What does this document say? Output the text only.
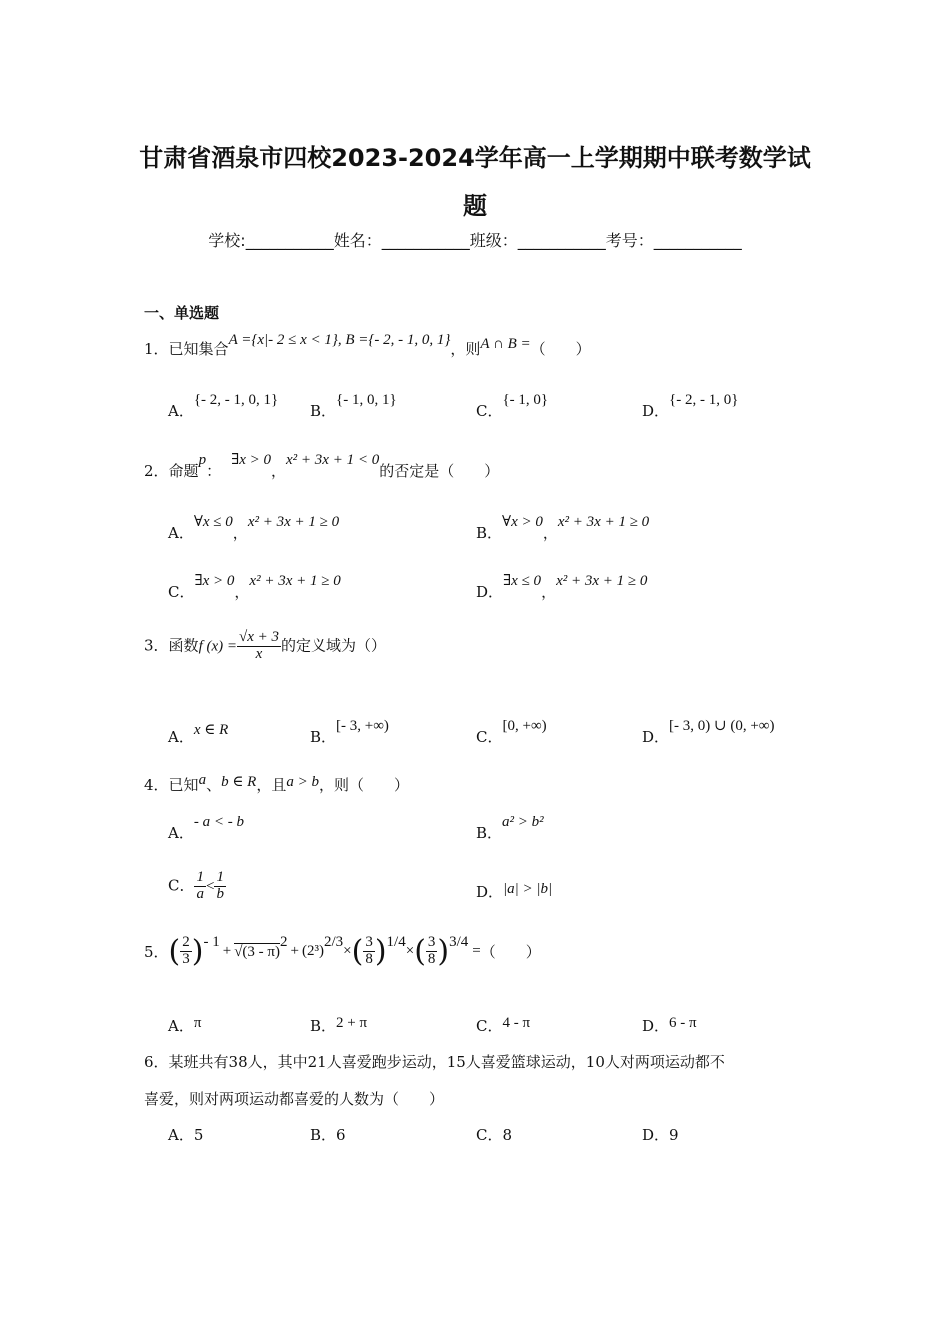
甘肃省酒泉市四校2023-2024学年高一上学期期中联考数学试
题
学校:___________姓名：___________班级：___________考号：___________
一、单选题
1．已知集合A ={x|- 2 ≤ x < 1}, B ={- 2, - 1, 0, 1}，则A ∩ B =（　　）
A．{- 2, - 1, 0, 1}
B．{- 1, 0, 1}
C．{- 1, 0}
D．{- 2, - 1, 0}
2．命题p：∃x > 0，x² + 3x + 1 < 0的否定是（　　）
A．∀x ≤ 0，x² + 3x + 1 ≥ 0
B．∀x > 0，x² + 3x + 1 ≥ 0
C．∃x > 0，x² + 3x + 1 ≥ 0
D．∃x ≤ 0，x² + 3x + 1 ≥ 0
3．函数f $(x) = \frac{√x + 3}{x}$ 的定义域为（）
A．x ∈ R	B．[- 3, +∞)
C．[0, +∞)
D．[- 3, 0) ∪ (0, +∞)
4．已知a、b ∈ R，且a > b，则（　　）
A．- a < - b
B．a² > b²
C． $\frac{1}{a} < \frac{1}{b}$	D．|a| > |b|
5． ( $\frac{2}{3}$ ) - 1
+ √(3 - π)
2
+ (2³)
2/3
× ( $\frac{3}{8}$ ) 1/4
× ( $\frac{3}{8}$ ) 3/4
= （　　）
A．π	B．2 + π	C．4 - π	D．6 - π
6．某班共有38人，其中21人喜爱跑步运动，15人喜爱篮球运动，10人对两项运动都不
喜爱，则对两项运动都喜爱的人数为（　　）
A．5	B．6	C．8	D．9
